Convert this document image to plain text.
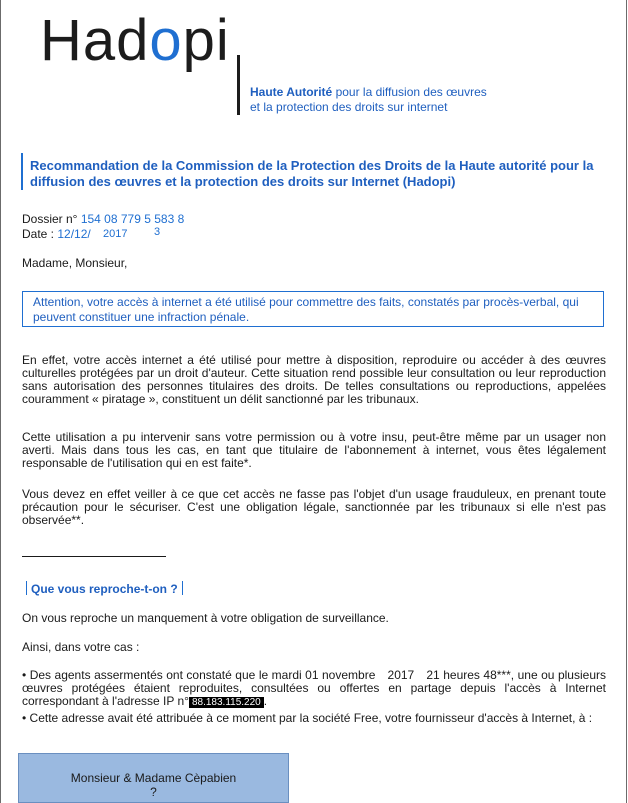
Hadopi
Haute Autorité pour la diffusion des œuvres
et la protection des droits sur internet
Recommandation de la Commission de la Protection des Droits de la Haute autorité pour la diffusion des œuvres et la protection des droits sur Internet (Hadopi)
Dossier n° 154 08 779 5 583 8
Date : 12/12/ 2017 3
Madame, Monsieur,
Attention, votre accès à internet a été utilisé pour commettre des faits, constatés par procès-verbal, qui peuvent constituer une infraction pénale.
En effet, votre accès internet a été utilisé pour mettre à disposition, reproduire ou accéder à des œuvres culturelles protégées par un droit d'auteur. Cette situation rend possible leur consultation ou leur reproduction sans autorisation des personnes titulaires des droits. De telles consultations ou reproductions, appelées couramment « piratage », constituent un délit sanctionné par les tribunaux.
Cette utilisation a pu intervenir sans votre permission ou à votre insu, peut-être même par un usager non averti. Mais dans tous les cas, en tant que titulaire de l'abonnement à internet, vous êtes légalement responsable de l'utilisation qui en est faite*.
Vous devez en effet veiller à ce que cet accès ne fasse pas l'objet d'un usage frauduleux, en prenant toute précaution pour le sécuriser. C'est une obligation légale, sanctionnée par les tribunaux si elle n'est pas observée**.
Que vous reproche-t-on ?
On vous reproche un manquement à votre obligation de surveillance.
Ainsi, dans votre cas :
• Des agents assermentés ont constaté que le mardi 01 novembre 2017 21 heures 48***, une ou plusieurs œuvres protégées étaient reproduites, consultées ou offertes en partage depuis l'accès à Internet correspondant à l'adresse IP n° 88.183.115.220 .
• Cette adresse avait été attribuée à ce moment par la société Free, votre fournisseur d'accès à Internet, à :
Monsieur & Madame Cèpabien
?
